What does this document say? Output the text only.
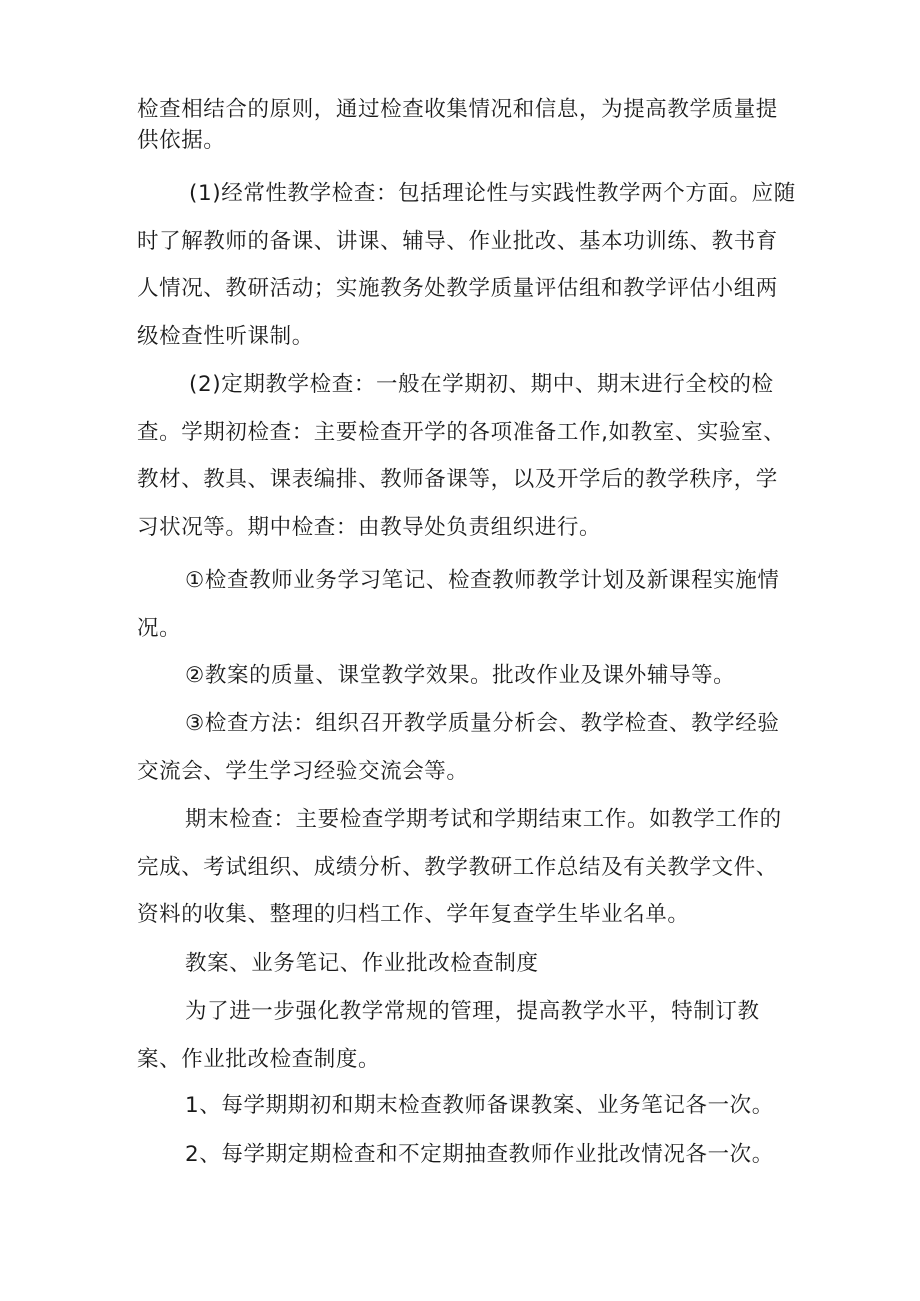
检查相结合的原则，通过检查收集情况和信息，为提高教学质量提供依据。

(1)经常性教学检查：包括理论性与实践性教学两个方面。应随时了解教师的备课、讲课、辅导、作业批改、基本功训练、教书育人情况、教研活动；实施教务处教学质量评估组和教学评估小组两级检查性听课制。

(2)定期教学检查：一般在学期初、期中、期末进行全校的检查。学期初检查：主要检查开学的各项准备工作,如教室、实验室、教材、教具、课表编排、教师备课等，以及开学后的教学秩序，学习状况等。期中检查：由教导处负责组织进行。

①检查教师业务学习笔记、检查教师教学计划及新课程实施情况。

②教案的质量、课堂教学效果。批改作业及课外辅导等。

③检查方法：组织召开教学质量分析会、教学检查、教学经验交流会、学生学习经验交流会等。

期末检查：主要检查学期考试和学期结束工作。如教学工作的完成、考试组织、成绩分析、教学教研工作总结及有关教学文件、资料的收集、整理的归档工作、学年复查学生毕业名单。

教案、业务笔记、作业批改检查制度

为了进一步强化教学常规的管理，提高教学水平，特制订教案、作业批改检查制度。

1、每学期期初和期末检查教师备课教案、业务笔记各一次。

2、每学期定期检查和不定期抽查教师作业批改情况各一次。
